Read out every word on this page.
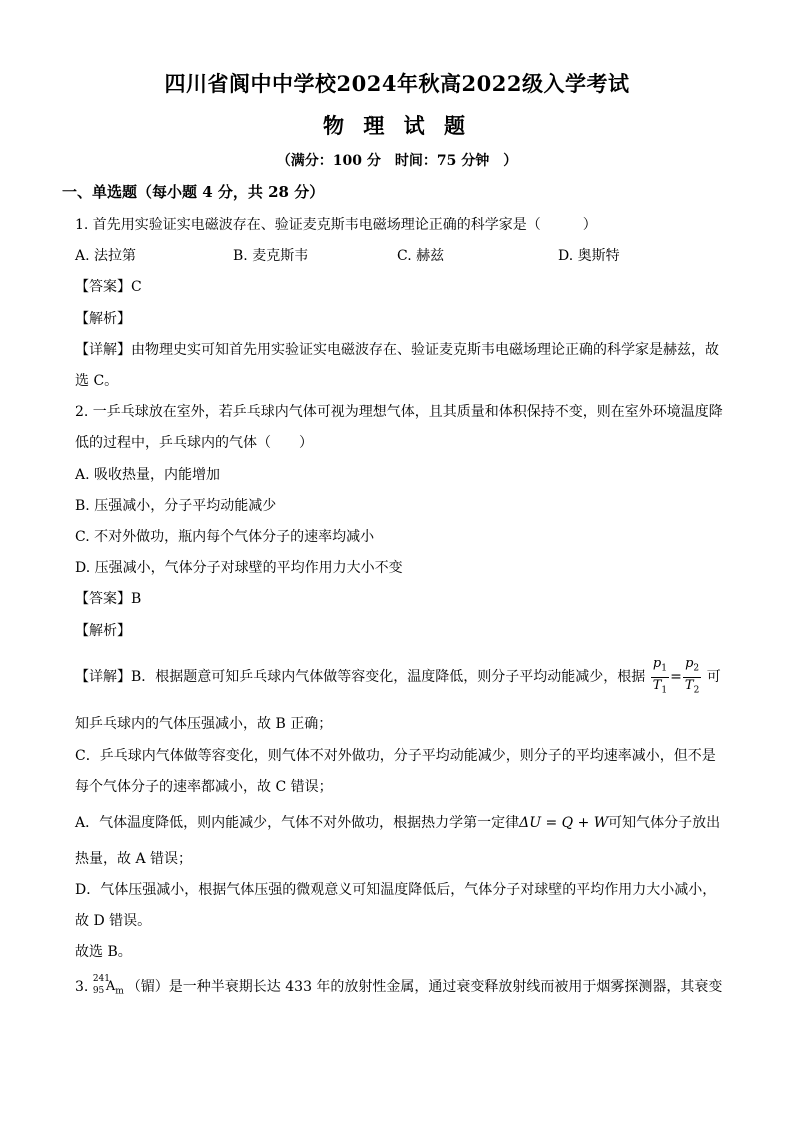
四川省阆中中学校2024年秋高2022级入学考试
物 理 试 题
（满分：100 分　时间：75 分钟　）
一、单选题（每小题 4 分，共 28 分）
1. 首先用实验证实电磁波存在、验证麦克斯韦电磁场理论正确的科学家是（　　　）
A. 法拉第	B. 麦克斯韦	C. 赫兹	D. 奥斯特
【答案】C
【解析】
【详解】由物理史实可知首先用实验证实电磁波存在、验证麦克斯韦电磁场理论正确的科学家是赫兹，故
选 C。
2. 一乒乓球放在室外，若乒乓球内气体可视为理想气体，且其质量和体积保持不变，则在室外环境温度降
低的过程中，乒乓球内的气体（　　）
A. 吸收热量，内能增加
B. 压强减小，分子平均动能减少
C. 不对外做功，瓶内每个气体分子的速率均减小
D. 压强减小，气体分子对球壁的平均作用力大小不变
【答案】B
【解析】
【详解】B．根据题意可知乒乓球内气体做等容变化，温度降低，则分子平均动能减少，根据 $\frac{p_1}{T_1} = \frac{p_2}{T_2}$ 可
知乒乓球内的气体压强减小，故 B 正确；
C．乒乓球内气体做等容变化，则气体不对外做功，分子平均动能减少，则分子的平均速率减小，但不是
每个气体分子的速率都减小，故 C 错误；
A．气体温度降低，则内能减少，气体不对外做功，根据热力学第一定律ΔU = Q + W可知气体分子放出
热量，故 A 错误；
D．气体压强减小，根据气体压强的微观意义可知温度降低后，气体分子对球壁的平均作用力大小减小，
故 D 错误。
故选 B。
3. 241
95 $A_m$ （镅）是一种半衰期长达 433 年的放射性金属，通过衰变释放射线而被用于烟雾探测器，其衰变
